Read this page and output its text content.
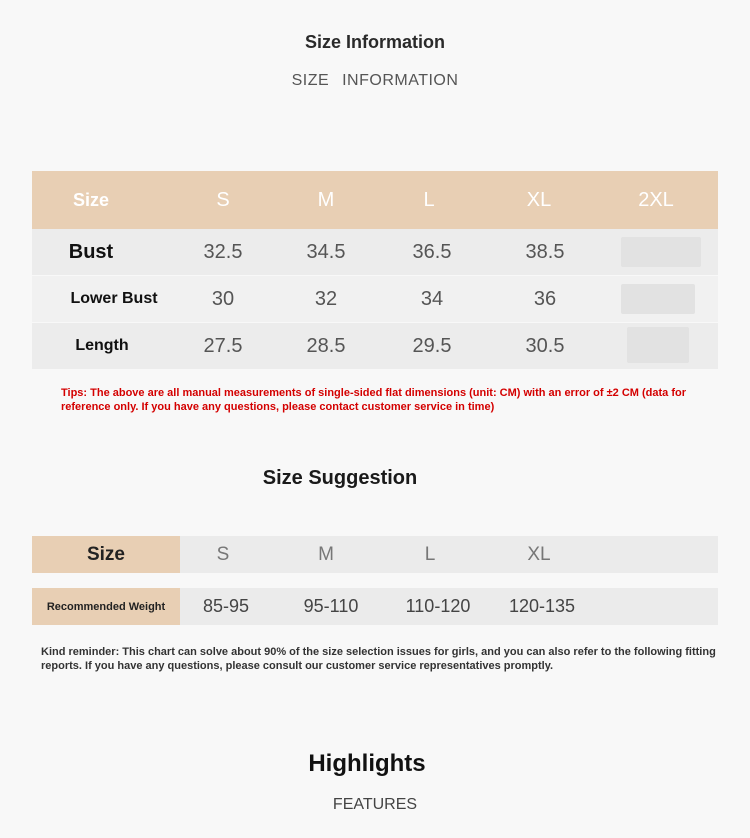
Size Information
SIZE INFORMATION
Size	S	M	L	XL	2XL
Bust	32.5	34.5	36.5	38.5
Lower Bust	30	32	34	36
Length	27.5	28.5	29.5	30.5
Tips: The above are all manual measurements of single-sided flat dimensions (unit: CM) with an error of ±2 CM (data for reference only. If you have any questions, please contact customer service in time)
Size Suggestion
Size	S	M	L	XL
Recommended Weight	85-95	95-110	110-120	120-135
Kind reminder: This chart can solve about 90% of the size selection issues for girls, and you can also refer to the following fitting reports. If you have any questions, please consult our customer service representatives promptly.
Highlights
FEATURES
